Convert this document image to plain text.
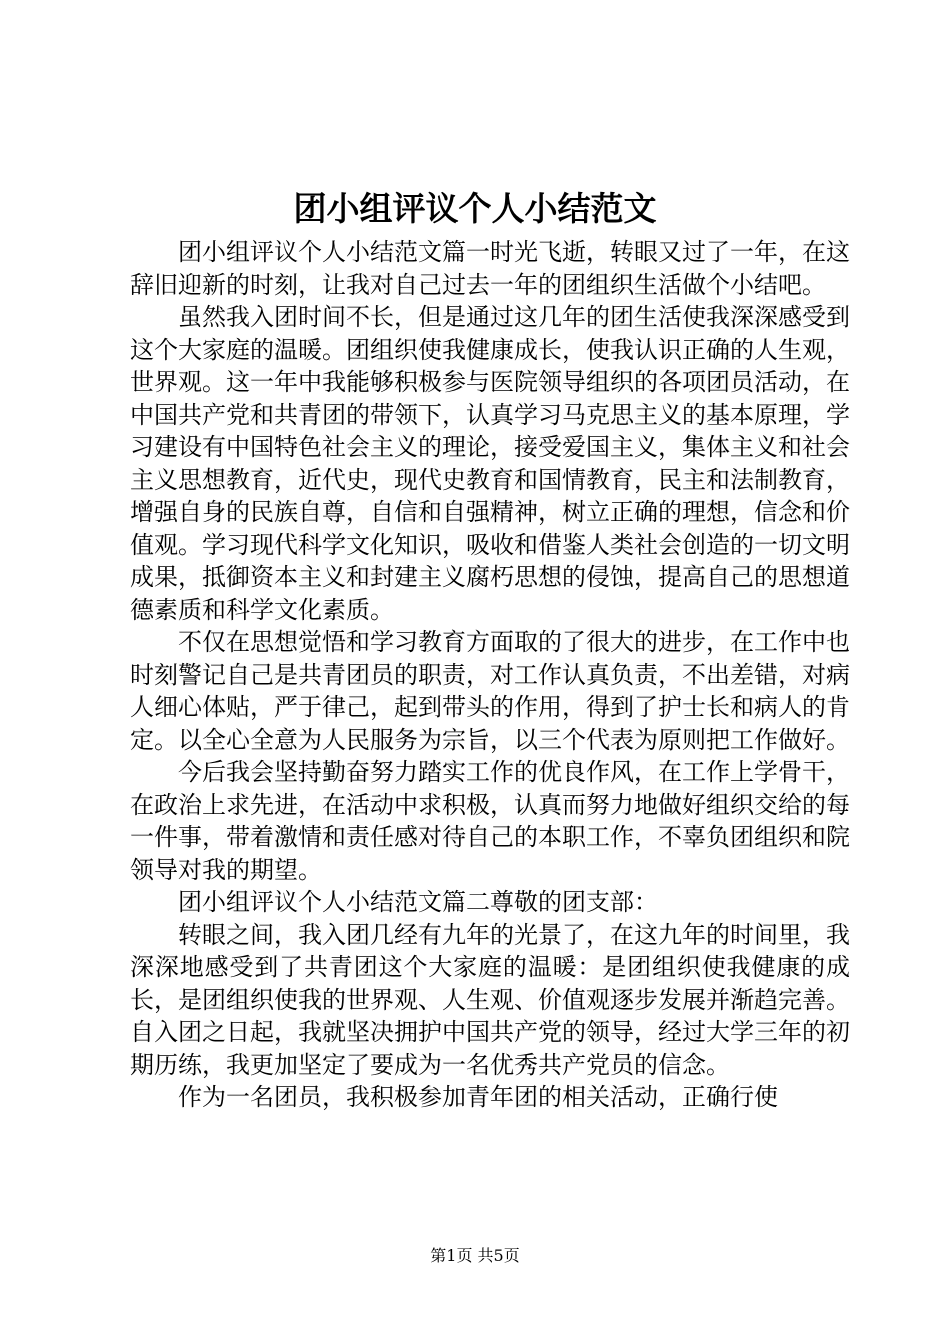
团小组评议个人小结范文

团小组评议个人小结范文篇一时光飞逝，转眼又过了一年，在这辞旧迎新的时刻，让我对自己过去一年的团组织生活做个小结吧。

虽然我入团时间不长，但是通过这几年的团生活使我深深感受到这个大家庭的温暖。团组织使我健康成长，使我认识正确的人生观，世界观。这一年中我能够积极参与医院领导组织的各项团员活动，在中国共产党和共青团的带领下，认真学习马克思主义的基本原理，学习建设有中国特色社会主义的理论，接受爱国主义，集体主义和社会主义思想教育，近代史，现代史教育和国情教育，民主和法制教育，增强自身的民族自尊，自信和自强精神，树立正确的理想，信念和价值观。学习现代科学文化知识，吸收和借鉴人类社会创造的一切文明成果，抵御资本主义和封建主义腐朽思想的侵蚀，提高自己的思想道德素质和科学文化素质。

不仅在思想觉悟和学习教育方面取的了很大的进步，在工作中也时刻警记自己是共青团员的职责，对工作认真负责，不出差错，对病人细心体贴，严于律己，起到带头的作用，得到了护士长和病人的肯定。以全心全意为人民服务为宗旨，以三个代表为原则把工作做好。

今后我会坚持勤奋努力踏实工作的优良作风，在工作上学骨干，在政治上求先进，在活动中求积极，认真而努力地做好组织交给的每一件事，带着激情和责任感对待自己的本职工作，不辜负团组织和院领导对我的期望。

团小组评议个人小结范文篇二尊敬的团支部：

转眼之间，我入团几经有九年的光景了，在这九年的时间里，我深深地感受到了共青团这个大家庭的温暖：是团组织使我健康的成长，是团组织使我的世界观、人生观、价值观逐步发展并渐趋完善。自入团之日起，我就坚决拥护中国共产党的领导，经过大学三年的初期历练，我更加坚定了要成为一名优秀共产党员的信念。

作为一名团员，我积极参加青年团的相关活动，正确行使

第1页 共5页
